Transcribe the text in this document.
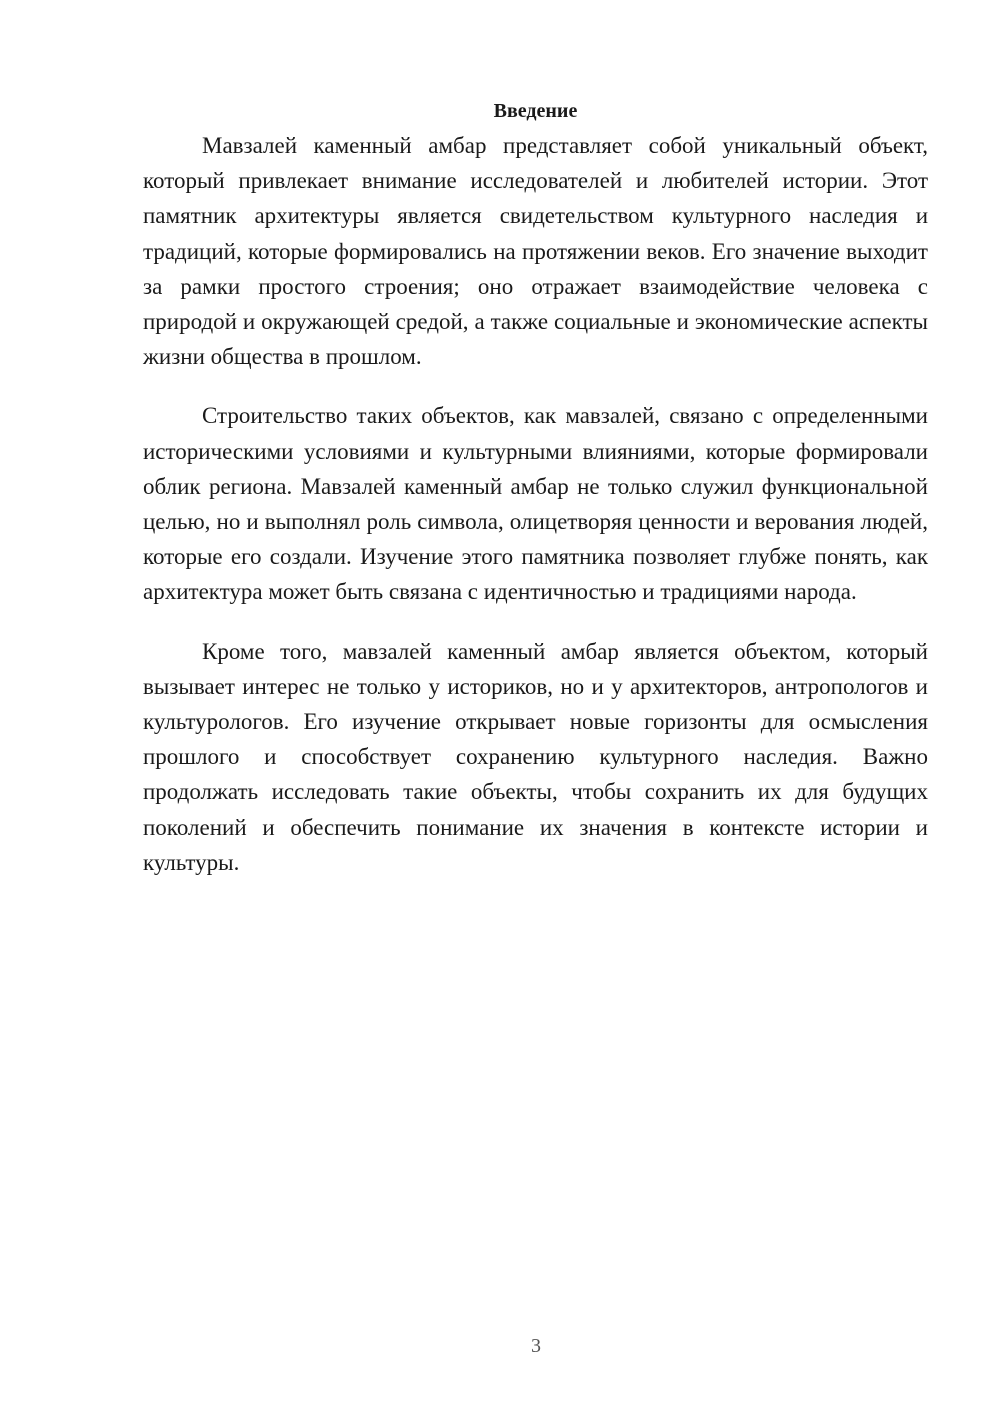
Введение

Мавзалей каменный амбар представляет собой уникальный объект, который привлекает внимание исследователей и любителей истории. Этот памятник архитектуры является свидетельством культурного наследия и традиций, которые формировались на протяжении веков. Его значение выходит за рамки простого строения; оно отражает взаимодействие человека с природой и окружающей средой, а также социальные и экономические аспекты жизни общества в прошлом.

Строительство таких объектов, как мавзалей, связано с определенными историческими условиями и культурными влияниями, которые формировали облик региона. Мавзалей каменный амбар не только служил функциональной целью, но и выполнял роль символа, олицетворяя ценности и верования людей, которые его создали. Изучение этого памятника позволяет глубже понять, как архитектура может быть связана с идентичностью и традициями народа.

Кроме того, мавзалей каменный амбар является объектом, который вызывает интерес не только у историков, но и у архитекторов, антропологов и культурологов. Его изучение открывает новые горизонты для осмысления прошлого и способствует сохранению культурного наследия. Важно продолжать исследовать такие объекты, чтобы сохранить их для будущих поколений и обеспечить понимание их значения в контексте истории и культуры.

3
